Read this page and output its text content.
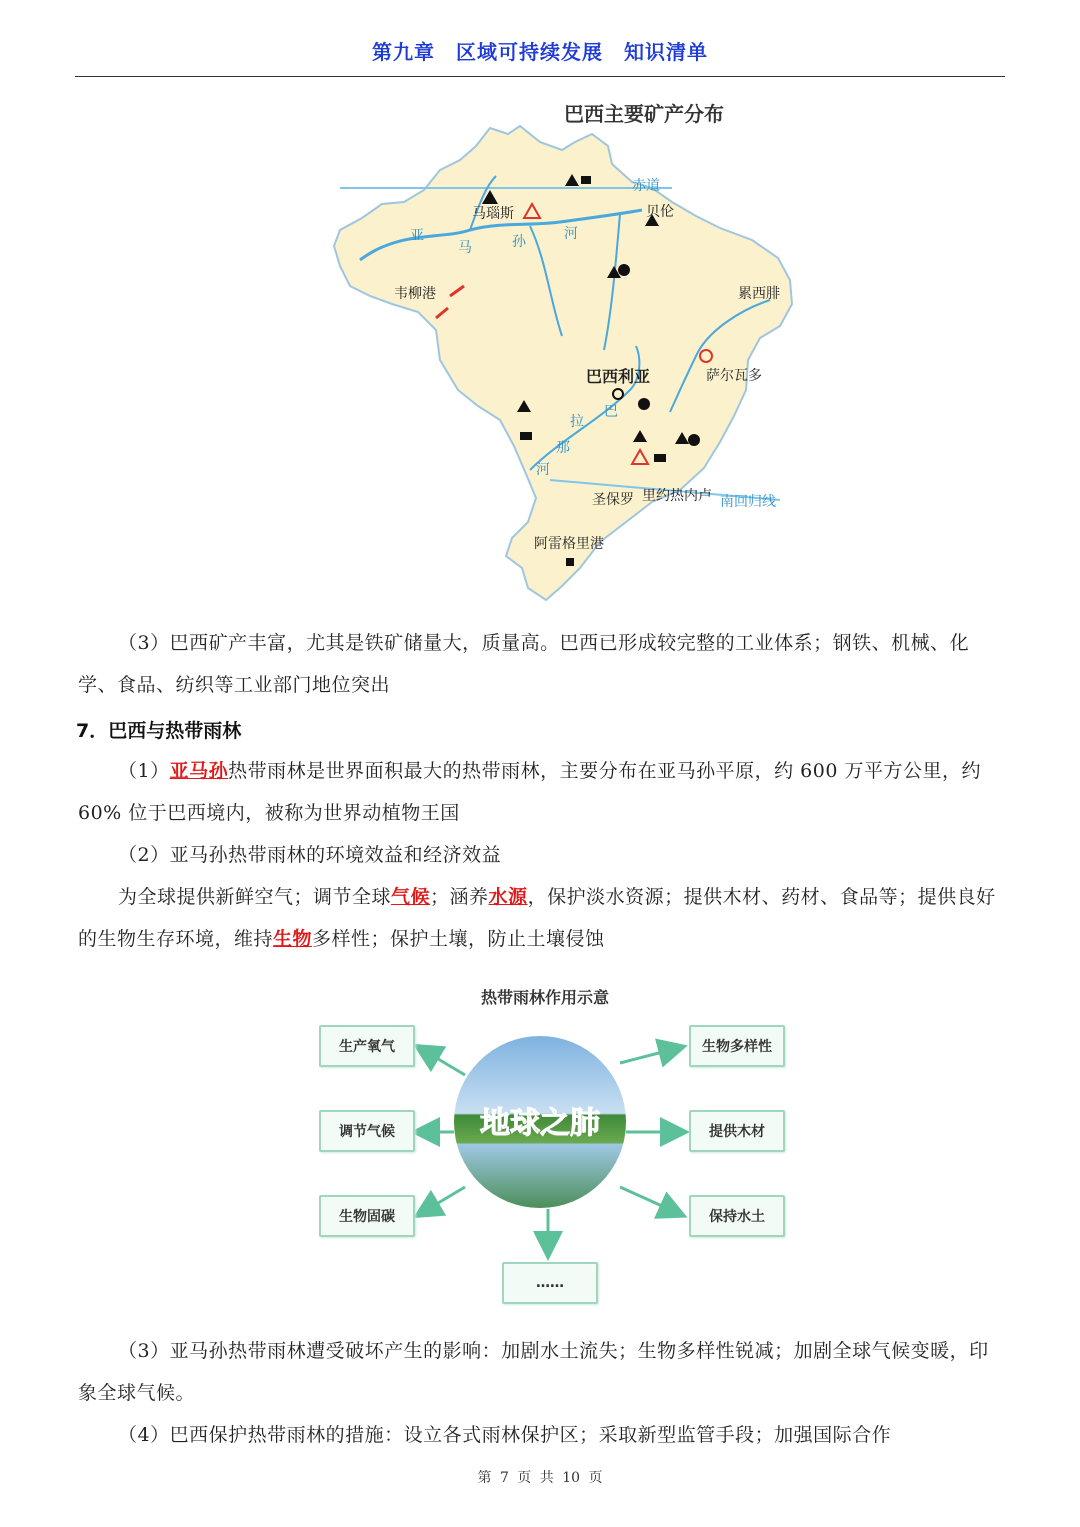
第九章　区域可持续发展　知识清单
赤道
马瑙斯	贝伦
亚
马	孙	河
韦柳港	累西腓
巴西利亚	萨尔瓦多
拉
巴
那
河
里约热内卢 南回归线
圣保罗
阿雷格里港
巴西主要矿产分布
（3）巴西矿产丰富，尤其是铁矿储量大，质量高。巴西已形成较完整的工业体系；钢铁、机械、化学、食品、纺织等工业部门地位突出
7．巴西与热带雨林
（1）亚马孙热带雨林是世界面积最大的热带雨林，主要分布在亚马孙平原，约 600 万平方公里，约 60% 位于巴西境内，被称为世界动植物王国
（2）亚马孙热带雨林的环境效益和经济效益
为全球提供新鲜空气；调节全球气候；涵养水源，保护淡水资源；提供木材、药材、食品等；提供良好的生物生存环境，维持生物多样性；保护土壤，防止土壤侵蚀
热带雨林作用示意
地球之肺
生产氧气
调节气候
生物固碳
生物多样性
提供木材
保持水土
……
（3）亚马孙热带雨林遭受破坏产生的影响：加剧水土流失；生物多样性锐减；加剧全球气候变暖，印象全球气候。
（4）巴西保护热带雨林的措施：设立各式雨林保护区；采取新型监管手段；加强国际合作
第 7 页 共 10 页
